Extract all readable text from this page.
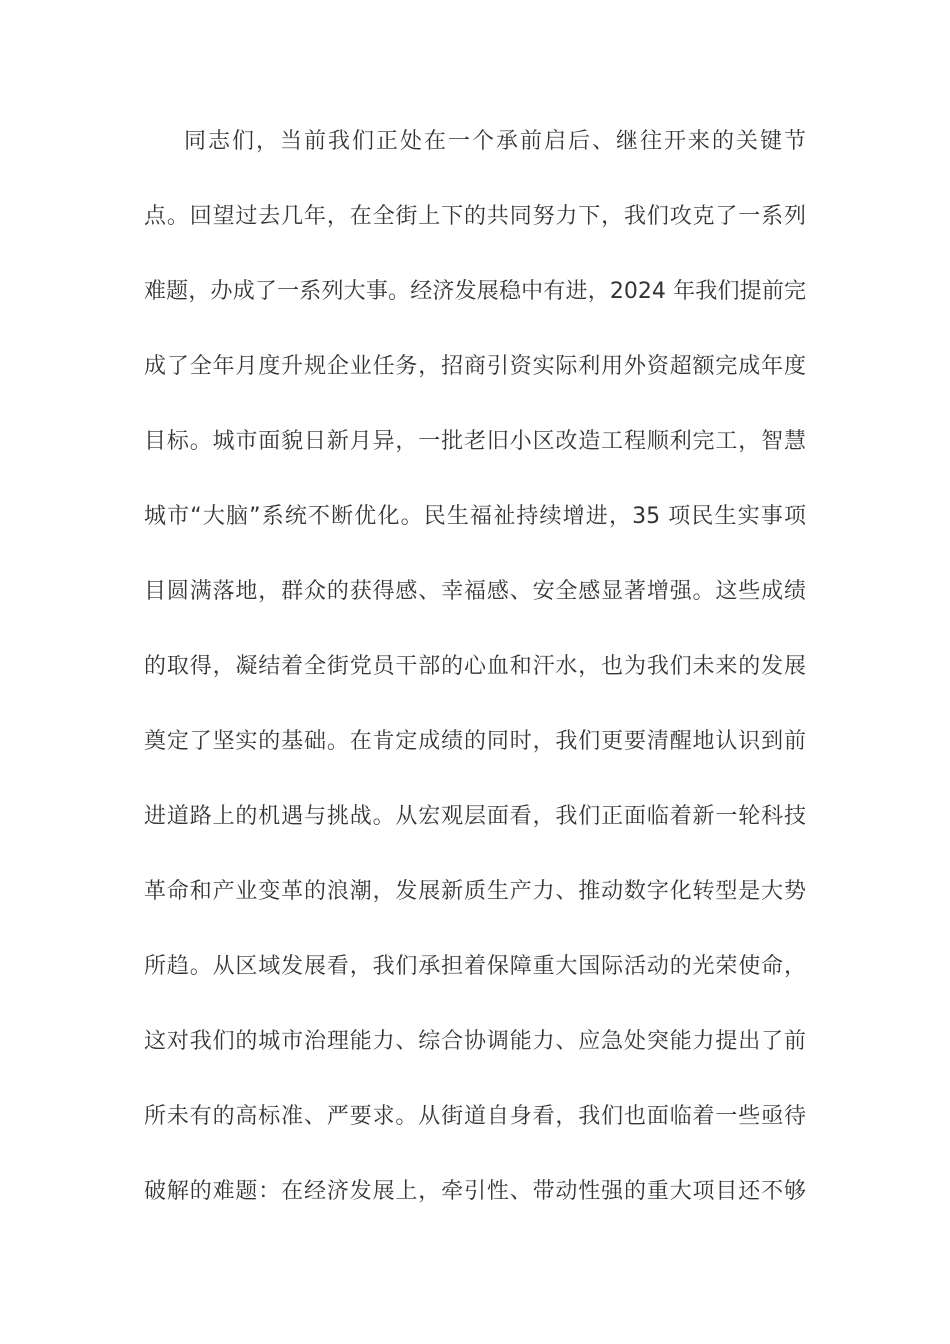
同志们，当前我们正处在一个承前启后、继往开来的关键节
点。回望过去几年，在全街上下的共同努力下，我们攻克了一系列
难题，办成了一系列大事。经济发展稳中有进，2024 年我们提前完
成了全年月度升规企业任务，招商引资实际利用外资超额完成年度
目标。城市面貌日新月异，一批老旧小区改造工程顺利完工，智慧
城市“大脑”系统不断优化。民生福祉持续增进，35 项民生实事项
目圆满落地，群众的获得感、幸福感、安全感显著增强。这些成绩
的取得，凝结着全街党员干部的心血和汗水，也为我们未来的发展
奠定了坚实的基础。在肯定成绩的同时，我们更要清醒地认识到前
进道路上的机遇与挑战。从宏观层面看，我们正面临着新一轮科技
革命和产业变革的浪潮，发展新质生产力、推动数字化转型是大势
所趋。从区域发展看，我们承担着保障重大国际活动的光荣使命，
这对我们的城市治理能力、综合协调能力、应急处突能力提出了前
所未有的高标准、严要求。从街道自身看，我们也面临着一些亟待
破解的难题：在经济发展上，牵引性、带动性强的重大项目还不够
